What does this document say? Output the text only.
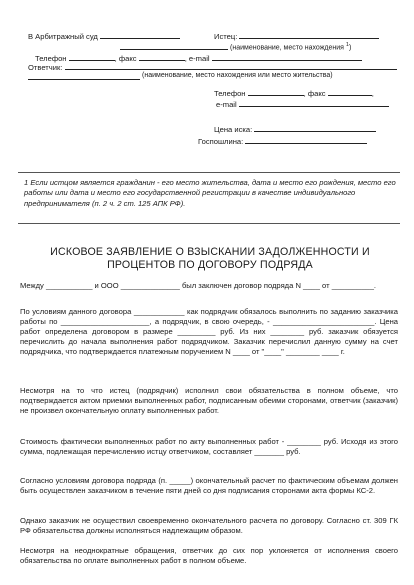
В Арбитражный суд	Истец:
(наименование, место нахождения $^1$)
Телефон	, факс	, e-mail
Ответчик:
(наименование, место нахождения или место жительства)
Телефон	, факс	,
e-mail
Цена иска:
Госпошлина:

1 Если истцом является гражданин - его место жительства, дата и место его рождения, место его работы или дата и место его государственной регистрации в качестве индивидуального предпринимателя (п. 2 ч. 2 ст. 125 АПК РФ).

ИСКОВОЕ ЗАЯВЛЕНИЕ О ВЗЫСКАНИИ ЗАДОЛЖЕННОСТИ И
ПРОЦЕНТОВ ПО ДОГОВОРУ ПОДРЯДА

Между ___________ и ООО ______________ был заключен договор подряда N ____ от __________.

По условиям данного договора ____________ как подрядчик обязалось выполнить по заданию заказчика работы по _____________________, а подрядчик, в свою очередь, - ________________________. Цена работ определена договором в размере _________ руб. Из них ________ руб. заказчик обязуется перечислить до начала выполнения работ подрядчиком. Заказчик перечислил данную сумму на счет подрядчика, что подтверждается платежным поручением N ____ от "____" ________ ____ г.

Несмотря на то что истец (подрядчик) исполнил свои обязательства в полном объеме, что подтверждается актом приемки выполненных работ, подписанным обеими сторонами, ответчик (заказчик) не произвел окончательную оплату выполненных работ.

Стоимость фактически выполненных работ по акту выполненных работ - ________ руб. Исходя из этого сумма, подлежащая перечислению истцу ответчиком, составляет _______ руб.

Согласно условиям договора подряда (п. _____) окончательный расчет по фактическим объемам должен быть осуществлен заказчиком в течение пяти дней со дня подписания сторонами акта формы КС-2.

Однако заказчик не осуществил своевременно окончательного расчета по договору. Согласно ст. 309 ГК РФ обязательства должны исполняться надлежащим образом.

Несмотря на неоднократные обращения, ответчик до сих пор уклоняется от исполнения своего обязательства по оплате выполненных работ в полном объеме.
